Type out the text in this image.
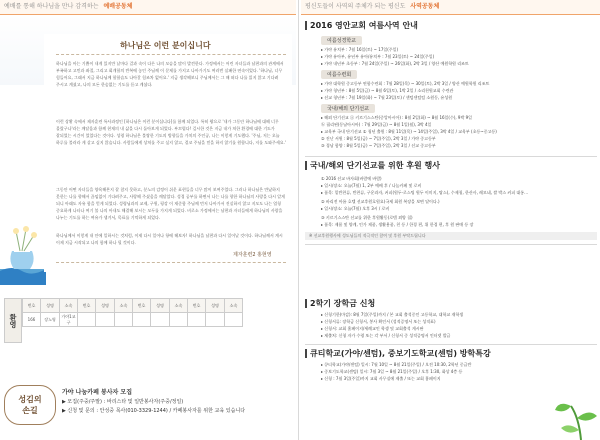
예배를 통해 하나님을 만나 감격하는 예배공동체
하나님은 이런 분이십니다
하나님을 아는 기쁨이 내게 있지만 날마다 걸과 속이 다른 나의 모습을 많이 발견한다. 가정에서는 어린 자녀들과 남편과의 관계에서 부족하고 고민과 좌절, 그리고 회개합의 반복에 놓인 주님께 이 문제를 가지고 나아가기도 여러번 실패한 연속이었다. '하나님, 너무 힘들어요, 그래서 지금 하나님께 합합습도 나아갈 힘조차 없어요.' 지금 생각해보니 주님께서는 그 때 떠다 나를 읽지 않고 기다려 주시고 계셨고, 나의 모든 한숨없는 기도를 듣고 계셨다.
이런 상황 속에서 제자훈련 특사과정인 [하나님은 이런 분이십니다]를 함께 되었다. 특히 왕으로 '내가 그동안 하나님에 대해 너무 몰랐구나'라는 깨달음과 함께 현재의 내 삶을 다시 돌아보게 되었다. 부끄럽다! 깊시한 것은 지금 내가 처한 환경에 대한 기도가 잘되었는 시간이 었었다는 것이다. 성령 하나님은 불쌍한 기도의 방향들을 가치의 주인공, 나는 이렇게 기도했다. '주님, 저는 오늘 하루를 불러라 게 살고 싶지 않습니다. 사람들에게 상처를 주고 싶지 않고, 결코 주님을 믿을 하지 않기를 원합니다, 저를 도와주세요.'
그동안 어떤 자녀들을 양육해본지 잘 참지 못하고, 분노의 감정이 쉬운 표현들을 너무 많이 보여주었다. 그러나 하나님은 만났하지 못한는 나를 향해서 끊임없이 기다려주고, 사랑해 주셨음을 깨달았다. 성경 공부를 하면서 나는 나를 향한 하나님의 사랑을 다시 알게 되니 아래도 자유 함을 얻게 되었다. 성령님과의 교제, 구원, 평강 이 재준함 주님께 먼저 나아가서 진실하지 않고 지모도 나는 엄청 중요하게 나타나 여기 볼 나의 아내도 해결해 보시는 모두를 가지게 되었다. 비로소 가정에서는 남편과 자녀들에게 하나님의 사랑을 나누는 기도를 하는 여유가 생겨서, 목표를 기억하게 되었다.
하나님께서 이렇게 내 안에 일하시는 것처럼, 이제 다시 일어나 항에 헤보자! 하나님을 남편과 다시 일어날 것이다. 하나님께서 계시 이제 지금 시작되고 나의 함께 하나 될 것이다.
제자훈련2 홍현영
환영
번호	성명	소속	번호	성명	소속	번호	성명	소속	번호	성명	소속
166	장노영	가야1교구									
성김의
손길
가야 나눔카페 봉사자 모집
▶ 모집(주중/주말) : 바리스타 및 일반봉사자(주중/정일)
▶ 신청 및 문의 : 안성중 목사(010-3329-1244) / 카페봉사자를 위한 교육 있습니다
평신도들이 사역의 주체가 되는 평신도 사역공동체
2016 영안교회 여름사역 안내
여름성경학교
▸ 가야 유치부 : 7월 16일(토) ~ 17일(주일)
▸ 가야 유아부, 유년부 유아/유치부 : 7월 23일(토) ~ 24일(주일)
▸ 가야 내년부 초등부 : 7월 24일(주일) ~ 26일(화), 2박 3일 / 양산 예원학원 리조트
여름수련회
▸ 가야 대학원 중고등부 연합수련회 : 7월 28일(목) ~ 30일(토), 2박 3일 / 양산 예원학원 리조트
▸ 가야 청년부 : 8월 5일(금) ~ 8월 6일(토), 1박 2일 / 소리천원교회 수련관
▸ 선교 청년부 : 7월 19일(화) ~ 7월 23일(토) / 샌텀센텀텀 소원동, 유성원
국내/해외 단기선교
▸ 해외 단기선교 ⓐ 키르기스스탄(중앙아시아) : 8월 2일(화) ~ 8월 16일(수), 9박 9일
ⓑ 필리핀(동남아시아) : 7월 29일(금) ~ 8월 1일(월), 3박 4일
▸ 교육부 국내 단기선교 ① 청년 출원 : 8월 11일(목) ~ 14일(주일), 3박 4일 / 교육부 (초등~중고등)
② 진난 서원 : 8월 5일(금) ~ 7일(주일), 2박 3일 / 가야 중고등부
③ 경남 함양 : 8월 5일(금) ~ 7일(주일), 2박 3일 / 선교 중고등부
국내/해외 단기선교를 위한 후원 행사
① 2016 선교 바자회(바람에 바람)
▸ 일시/장소: 오늘(7월) 1, 2부 예배 후 / 나눔카페 및 로비
▸ 품목: 밑반찬류, 반찬류, 구운과자, 커피(원두·로스팅 원두 이미지, 탑스), 수제청, 한산사, 레모네, 쌀 박스 커피 대롱…
② 바리전 아름 호텔 선교후원호원요(국제 회원 복장을 보면 달이다.)
▸ 일시/장소: 오늘(7월) 오후 3시 / 로비
③ 키르기스스탄 선교를 위한 후원활동(로뎀 외양 칠)
▸ 품목: 제품 및 양계, 인가 제품, 생활용품, 천 등 / 한경 편, 위 한경 편, 후 원 판매 등 장
※ 선교후원행사에 성도님들의 적극적인 참여 및 후원 부탁드립니다
2학기 장학금 신청
▸ 신청기한(마감): 8월 7일(주일)까지 / 본 교회 출석중인 고등학교, 대학교 재학생
▸ 신청서류: 장학금 신청서, 봉사 확인서 (성적증명서 또는 성적표)
▸ 신청서: 교회 홈페이지/세례교인 학생 및 교회출석 게시판
▸ 제출처: 신청 자가 수령 또는 각 부서 / 신청서 중 성적증명서 인터넷 발급
큐티학교(가야/센텀), 중보기도학교(센텀) 방학특강
▸ 큐티학교(가야/센텀) 일시: 7월 10일 ~ 8월 21일(주일) / 오전 10:30, 2학년 중급반
▸ 중보기도학교(센텀) 일시: 7월 3일 ~ 8월 21일(주일) / 오후 1:30, 화상 4층 등
▸ 신청 : 7월 3일(주일)까지 교회 사무실에 제출 / 또는 교회 홈페이지
